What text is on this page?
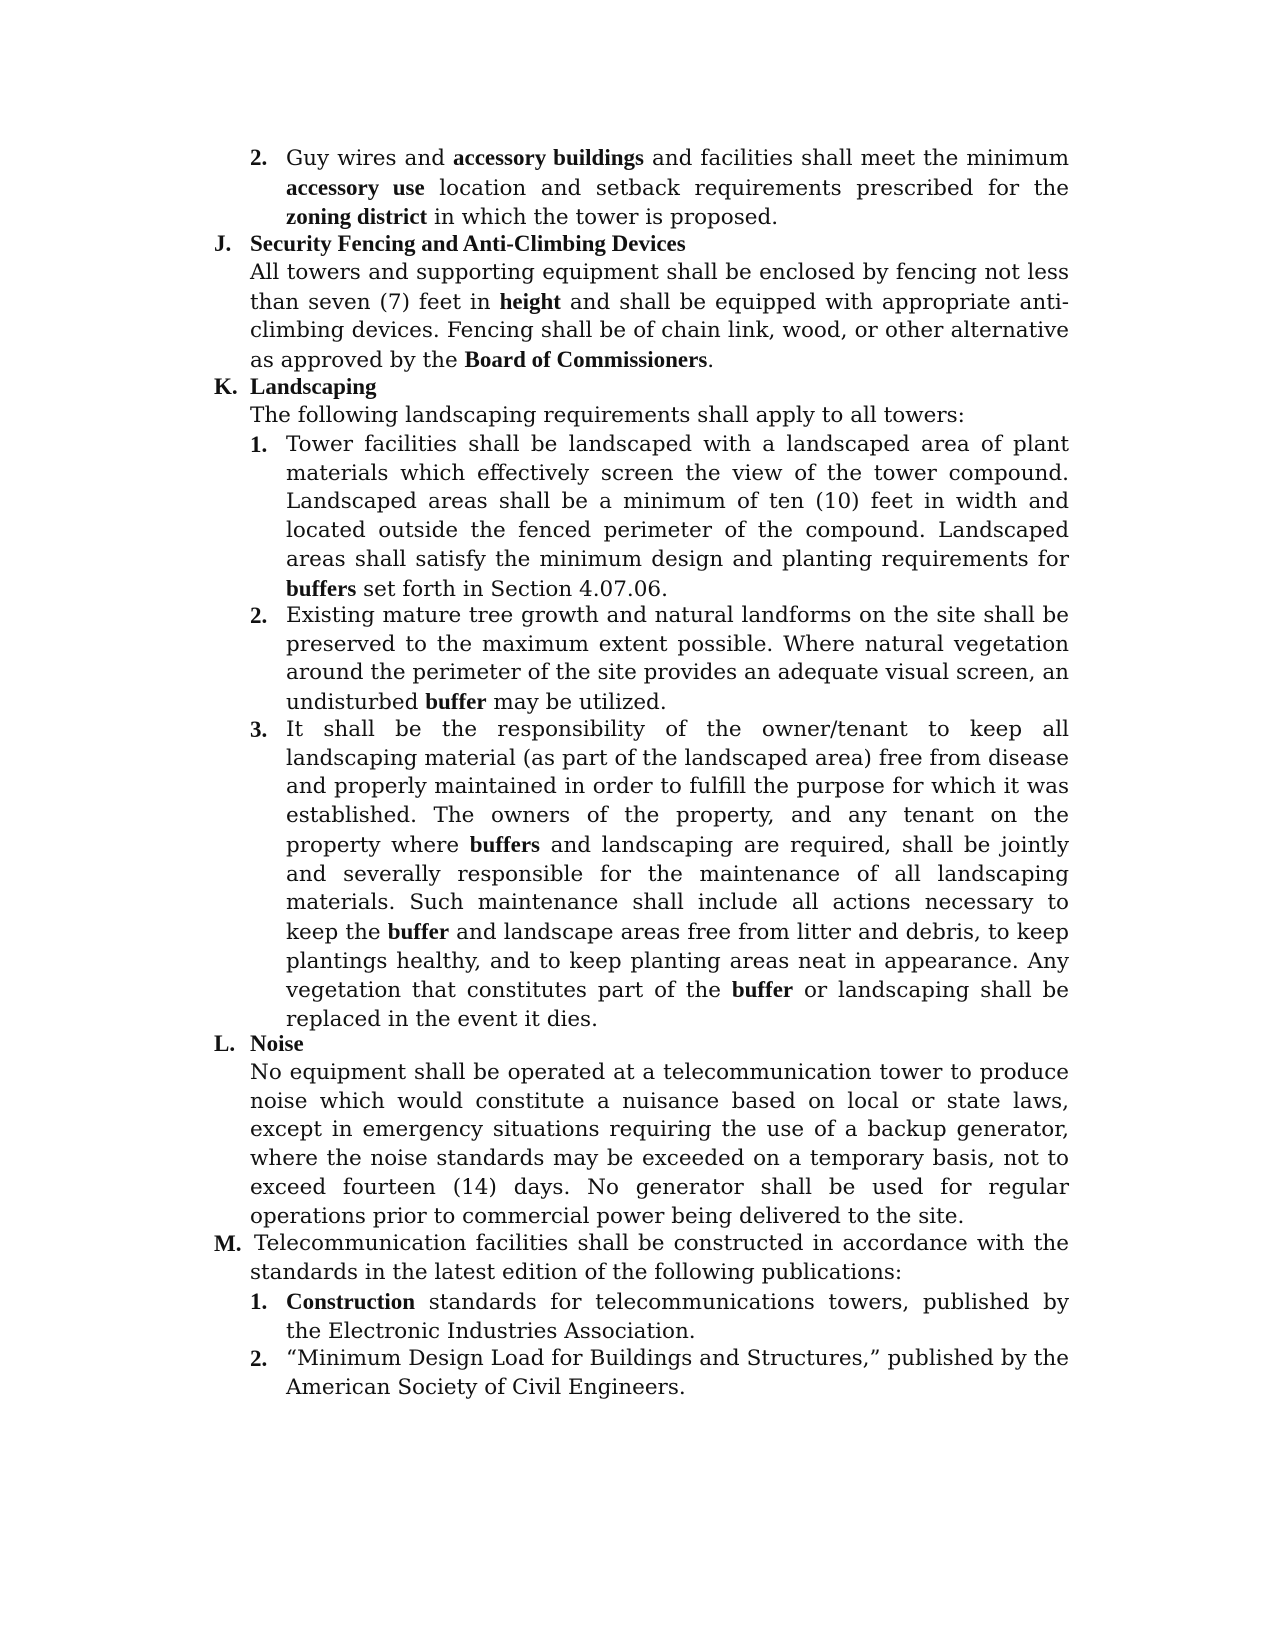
2. Guy wires and accessory buildings and facilities shall meet the minimum accessory use location and setback requirements prescribed for the zoning district in which the tower is proposed.

J. Security Fencing and Anti-Climbing Devices

All towers and supporting equipment shall be enclosed by fencing not less than seven (7) feet in height and shall be equipped with appropriate anti-climbing devices. Fencing shall be of chain link, wood, or other alternative as approved by the Board of Commissioners.

K. Landscaping

The following landscaping requirements shall apply to all towers:

1. Tower facilities shall be landscaped with a landscaped area of plant materials which effectively screen the view of the tower compound. Landscaped areas shall be a minimum of ten (10) feet in width and located outside the fenced perimeter of the compound. Landscaped areas shall satisfy the minimum design and planting requirements for buffers set forth in Section 4.07.06.

2. Existing mature tree growth and natural landforms on the site shall be preserved to the maximum extent possible. Where natural vegetation around the perimeter of the site provides an adequate visual screen, an undisturbed buffer may be utilized.

3. It shall be the responsibility of the owner/tenant to keep all landscaping material (as part of the landscaped area) free from disease and properly maintained in order to fulfill the purpose for which it was established. The owners of the property, and any tenant on the property where buffers and landscaping are required, shall be jointly and severally responsible for the maintenance of all landscaping materials. Such maintenance shall include all actions necessary to keep the buffer and landscape areas free from litter and debris, to keep plantings healthy, and to keep planting areas neat in appearance. Any vegetation that constitutes part of the buffer or landscaping shall be replaced in the event it dies.

L. Noise

No equipment shall be operated at a telecommunication tower to produce noise which would constitute a nuisance based on local or state laws, except in emergency situations requiring the use of a backup generator, where the noise standards may be exceeded on a temporary basis, not to exceed fourteen (14) days. No generator shall be used for regular operations prior to commercial power being delivered to the site.

M. Telecommunication facilities shall be constructed in accordance with the standards in the latest edition of the following publications:

1. Construction standards for telecommunications towers, published by the Electronic Industries Association.

2. “Minimum Design Load for Buildings and Structures,” published by the American Society of Civil Engineers.
